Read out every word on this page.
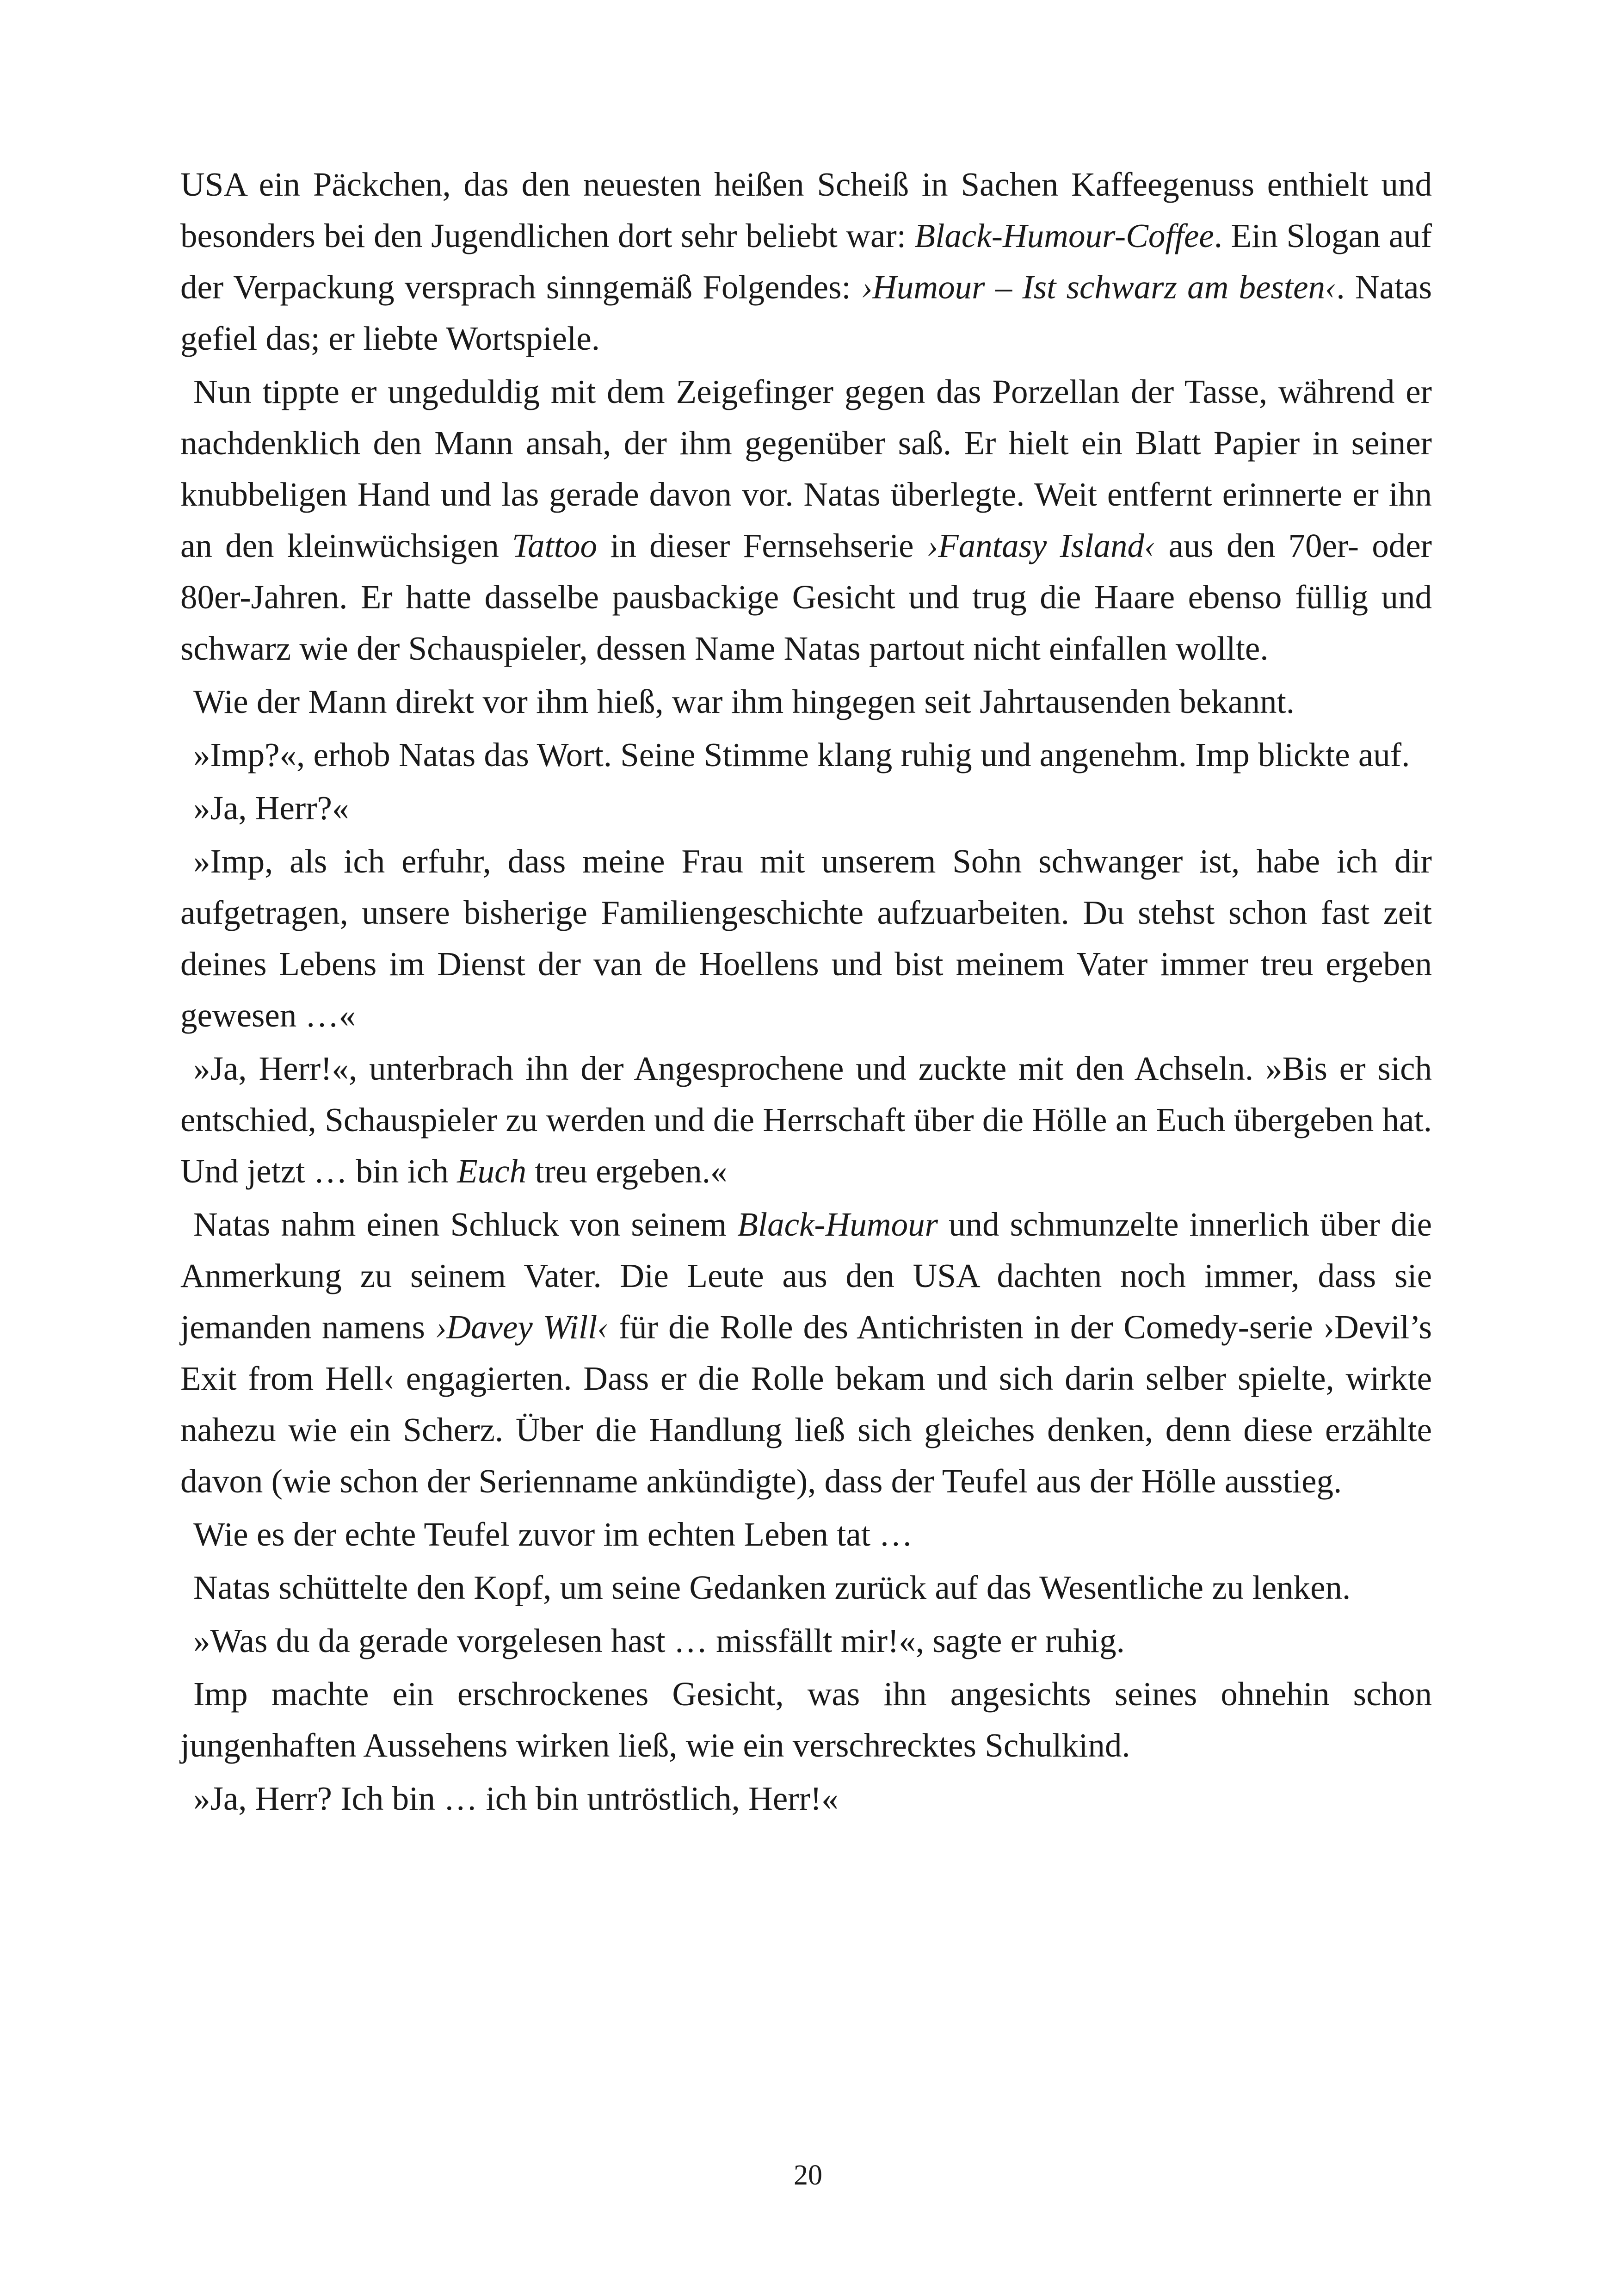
USA ein Päckchen, das den neuesten heißen Scheiß in Sachen Kaffeegenuss enthielt und besonders bei den Jugendlichen dort sehr beliebt war: Black-Humour-Coffee. Ein Slogan auf der Verpackung versprach sinngemäß Folgendes: ›Humour – Ist schwarz am besten‹. Natas gefiel das; er liebte Wortspiele.

Nun tippte er ungeduldig mit dem Zeigefinger gegen das Porzellan der Tasse, während er nachdenklich den Mann ansah, der ihm gegenüber saß. Er hielt ein Blatt Papier in seiner knubbeligen Hand und las gerade davon vor. Natas überlegte. Weit entfernt erinnerte er ihn an den kleinwüchsigen Tattoo in dieser Fernsehserie ›Fantasy Island‹ aus den 70er- oder 80er-Jahren. Er hatte dasselbe pausbackige Gesicht und trug die Haare ebenso füllig und schwarz wie der Schauspieler, dessen Name Natas partout nicht einfallen wollte.

Wie der Mann direkt vor ihm hieß, war ihm hingegen seit Jahrtausenden bekannt.

»Imp?«, erhob Natas das Wort. Seine Stimme klang ruhig und angenehm. Imp blickte auf.

»Ja, Herr?«

»Imp, als ich erfuhr, dass meine Frau mit unserem Sohn schwanger ist, habe ich dir aufgetragen, unsere bisherige Familiengeschichte aufzuarbeiten. Du stehst schon fast zeit deines Lebens im Dienst der van de Hoellens und bist meinem Vater immer treu ergeben gewesen …«

»Ja, Herr!«, unterbrach ihn der Angesprochene und zuckte mit den Achseln. »Bis er sich entschied, Schauspieler zu werden und die Herrschaft über die Hölle an Euch übergeben hat. Und jetzt … bin ich Euch treu ergeben.«

Natas nahm einen Schluck von seinem Black-Humour und schmunzelte innerlich über die Anmerkung zu seinem Vater. Die Leute aus den USA dachten noch immer, dass sie jemanden namens ›Davey Will‹ für die Rolle des Antichristen in der Comedy-serie ›Devil’s Exit from Hell‹ engagierten. Dass er die Rolle bekam und sich darin selber spielte, wirkte nahezu wie ein Scherz. Über die Handlung ließ sich gleiches denken, denn diese erzählte davon (wie schon der Serienname ankündigte), dass der Teufel aus der Hölle ausstieg.

Wie es der echte Teufel zuvor im echten Leben tat …

Natas schüttelte den Kopf, um seine Gedanken zurück auf das Wesentliche zu lenken.

»Was du da gerade vorgelesen hast … missfällt mir!«, sagte er ruhig.

Imp machte ein erschrockenes Gesicht, was ihn angesichts seines ohnehin schon jungenhaften Aussehens wirken ließ, wie ein verschrecktes Schulkind.

»Ja, Herr? Ich bin … ich bin untröstlich, Herr!«

20
